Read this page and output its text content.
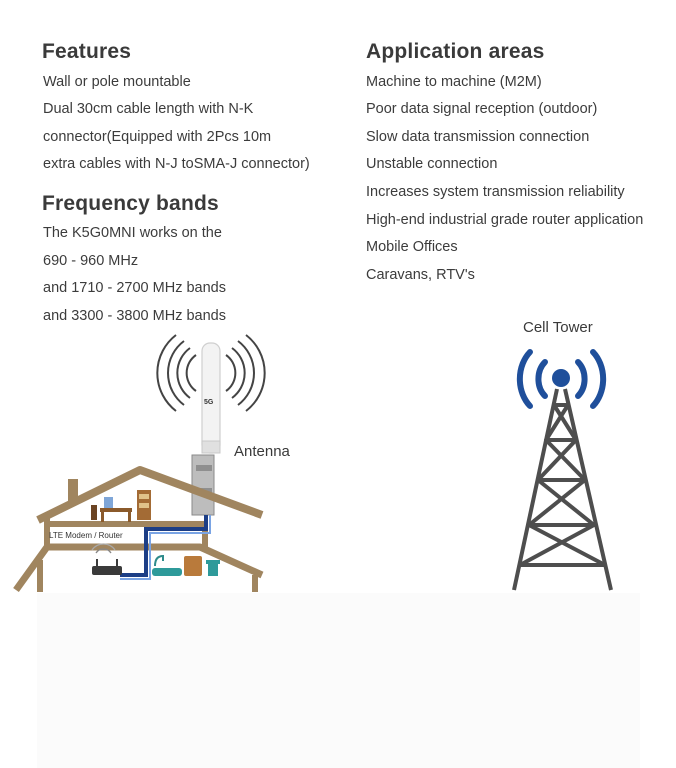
Features
Wall or pole mountable
Dual 30cm cable length with N-K
connector(Equipped with 2Pcs 10m
extra cables with N-J toSMA-J connector)
Frequency bands
The K5G0MNI works on the
690 - 960 MHz
and 1710 - 2700 MHz bands
and 3300 - 3800 MHz bands
Application areas
Machine to machine (M2M)
Poor data signal reception (outdoor)
Slow data transmission connection
Unstable connection
Increases system transmission reliability
High-end industrial grade router application
Mobile Offices
Caravans, RTV's
Antenna
5G
LTE Modem / Router
Cell Tower
